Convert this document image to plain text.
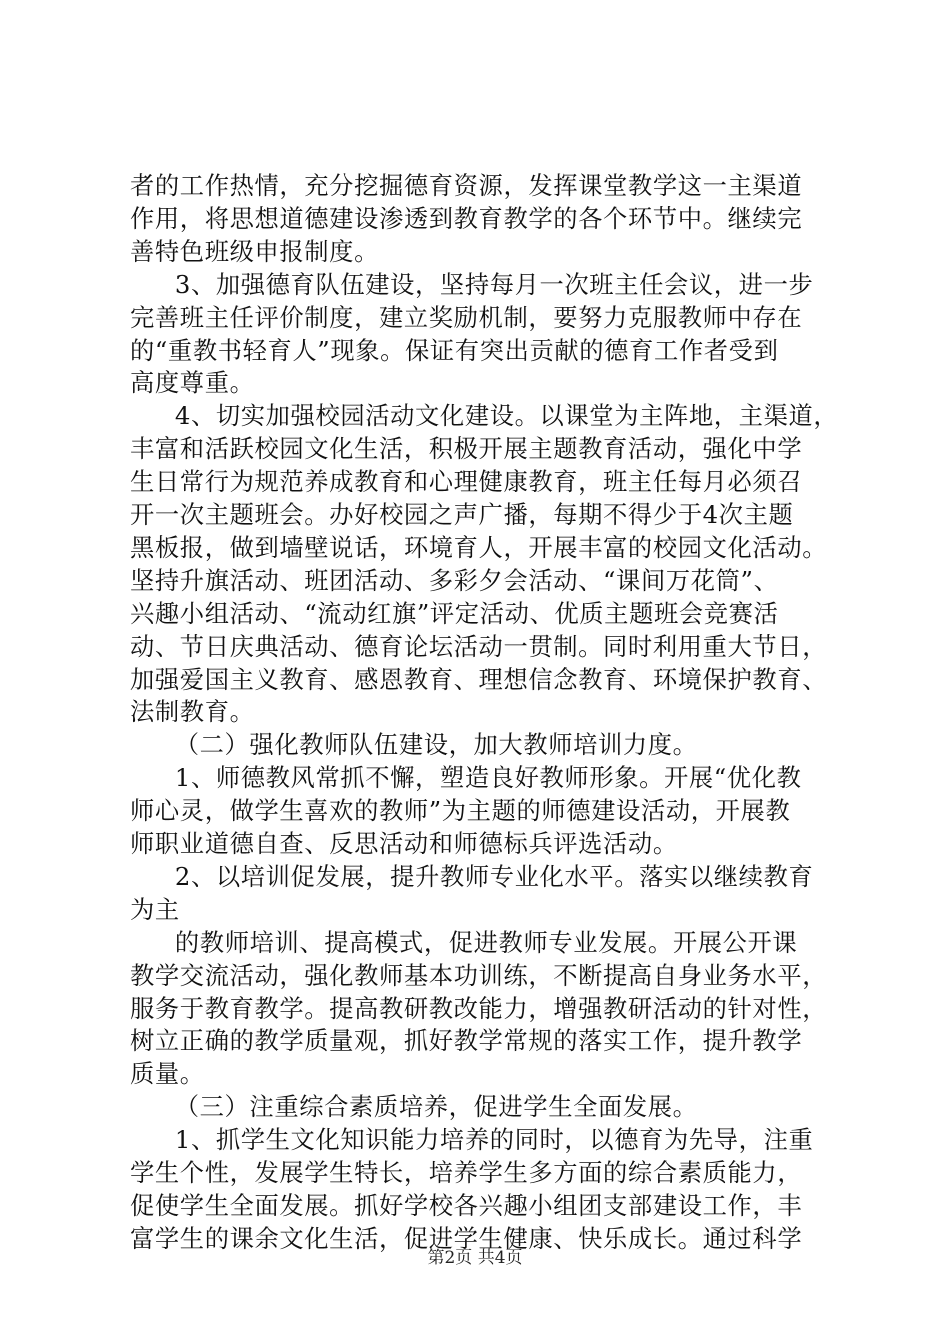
者的工作热情，充分挖掘德育资源，发挥课堂教学这一主渠道
作用，将思想道德建设渗透到教育教学的各个环节中。继续完
善特色班级申报制度。
　3、加强德育队伍建设，坚持每月一次班主任会议，进一步
完善班主任评价制度，建立奖励机制，要努力克服教师中存在
的“重教书轻育人”现象。保证有突出贡献的德育工作者受到
高度尊重。
　4、切实加强校园活动文化建设。以课堂为主阵地，主渠道，
丰富和活跃校园文化生活，积极开展主题教育活动，强化中学
生日常行为规范养成教育和心理健康教育，班主任每月必须召
开一次主题班会。办好校园之声广播，每期不得少于4次主题
黑板报，做到墙壁说话，环境育人，开展丰富的校园文化活动。
坚持升旗活动、班团活动、多彩夕会活动、“课间万花筒”、
兴趣小组活动、“流动红旗”评定活动、优质主题班会竞赛活
动、节日庆典活动、德育论坛活动一贯制。同时利用重大节日，
加强爱国主义教育、感恩教育、理想信念教育、环境保护教育、
法制教育。
　（二）强化教师队伍建设，加大教师培训力度。
　1、师德教风常抓不懈，塑造良好教师形象。开展“优化教
师心灵，做学生喜欢的教师”为主题的师德建设活动，开展教
师职业道德自查、反思活动和师德标兵评选活动。
　2、以培训促发展，提升教师专业化水平。落实以继续教育
为主
　的教师培训、提高模式，促进教师专业发展。开展公开课
教学交流活动，强化教师基本功训练，不断提高自身业务水平，
服务于教育教学。提高教研教改能力，增强教研活动的针对性，
树立正确的教学质量观，抓好教学常规的落实工作，提升教学
质量。
　（三）注重综合素质培养，促进学生全面发展。
　1、抓学生文化知识能力培养的同时，以德育为先导，注重
学生个性，发展学生特长，培养学生多方面的综合素质能力，
促使学生全面发展。抓好学校各兴趣小组团支部建设工作，丰
富学生的课余文化生活，促进学生健康、快乐成长。通过科学
第2页 共4页
